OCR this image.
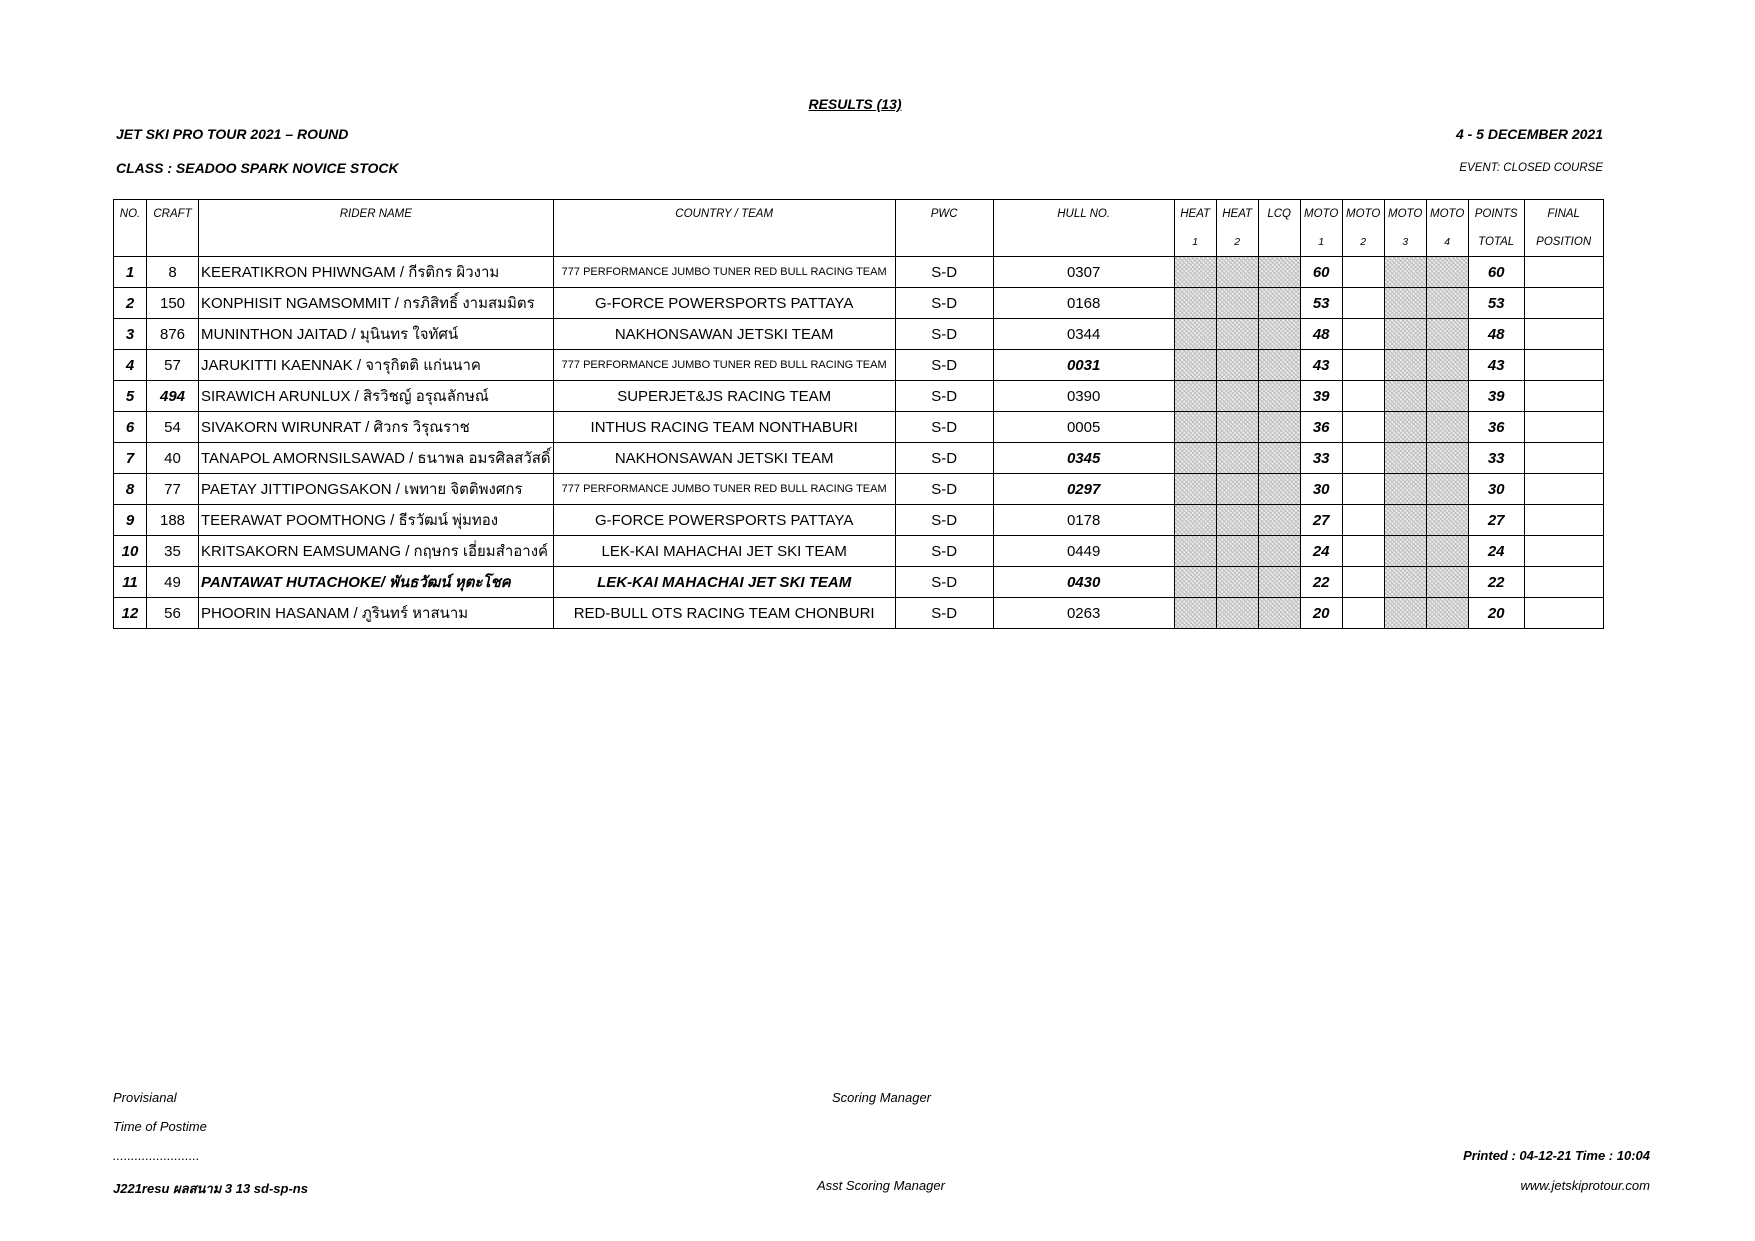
RESULTS (13)
JET SKI PRO TOUR 2021 – ROUND	4 - 5 DECEMBER 2021
CLASS : SEADOO SPARK NOVICE STOCK	EVENT: CLOSED COURSE
NO.	CRAFT	RIDER NAME	COUNTRY / TEAM	PWC	HULL NO.	HEAT	HEAT	LCQ	MOTO	MOTO	MOTO	MOTO	POINTS	FINAL
						1	2		1	2	3	4	TOTAL	POSITION
1	8	KEERATIKRON PHIWNGAM / กีรติกร ผิวงาม	777 PERFORMANCE JUMBO TUNER RED BULL RACING TEAM	S-D	0307				60				60	
2	150	KONPHISIT NGAMSOMMIT / กรภิสิทธิ์ งามสมมิตร	G-FORCE POWERSPORTS PATTAYA	S-D	0168				53				53	
3	876	MUNINTHON JAITAD / มุนินทร ใจทัศน์	NAKHONSAWAN JETSKI TEAM	S-D	0344				48				48	
4	57	JARUKITTI KAENNAK / จารุกิตติ แก่นนาค	777 PERFORMANCE JUMBO TUNER RED BULL RACING TEAM	S-D	0031				43				43	
5	494	SIRAWICH ARUNLUX / สิรวิชญ์ อรุณลักษณ์	SUPERJET&JS RACING TEAM	S-D	0390				39				39	
6	54	SIVAKORN WIRUNRAT / ศิวกร วิรุณราช	INTHUS RACING TEAM NONTHABURI	S-D	0005				36				36	
7	40	TANAPOL AMORNSILSAWAD / ธนาพล อมรศิลสวัสดิ์	NAKHONSAWAN JETSKI TEAM	S-D	0345				33				33	
8	77	PAETAY JITTIPONGSAKON / เพทาย จิตติพงศกร	777 PERFORMANCE JUMBO TUNER RED BULL RACING TEAM	S-D	0297				30				30	
9	188	TEERAWAT POOMTHONG / ธีรวัฒน์ พุ่มทอง	G-FORCE POWERSPORTS PATTAYA	S-D	0178				27				27	
10	35	KRITSAKORN EAMSUMANG / กฤษกร เอี่ยมสำอางค์	LEK-KAI MAHACHAI JET SKI TEAM	S-D	0449				24				24	
11	49	PANTAWAT HUTACHOKE/ พันธวัฒน์ หุตะโชค	LEK-KAI MAHACHAI JET SKI TEAM	S-D	0430				22				22	
12	56	PHOORIN HASANAM / ภูรินทร์ หาสนาม	RED-BULL OTS RACING TEAM CHONBURI	S-D	0263				20				20	
Provisianal
Time of Postime
........................
J221resu ผลสนาม 3 13 sd-sp-ns
Scoring Manager
Asst Scoring Manager
Printed : 04-12-21 Time : 10:04
www.jetskiprotour.com
